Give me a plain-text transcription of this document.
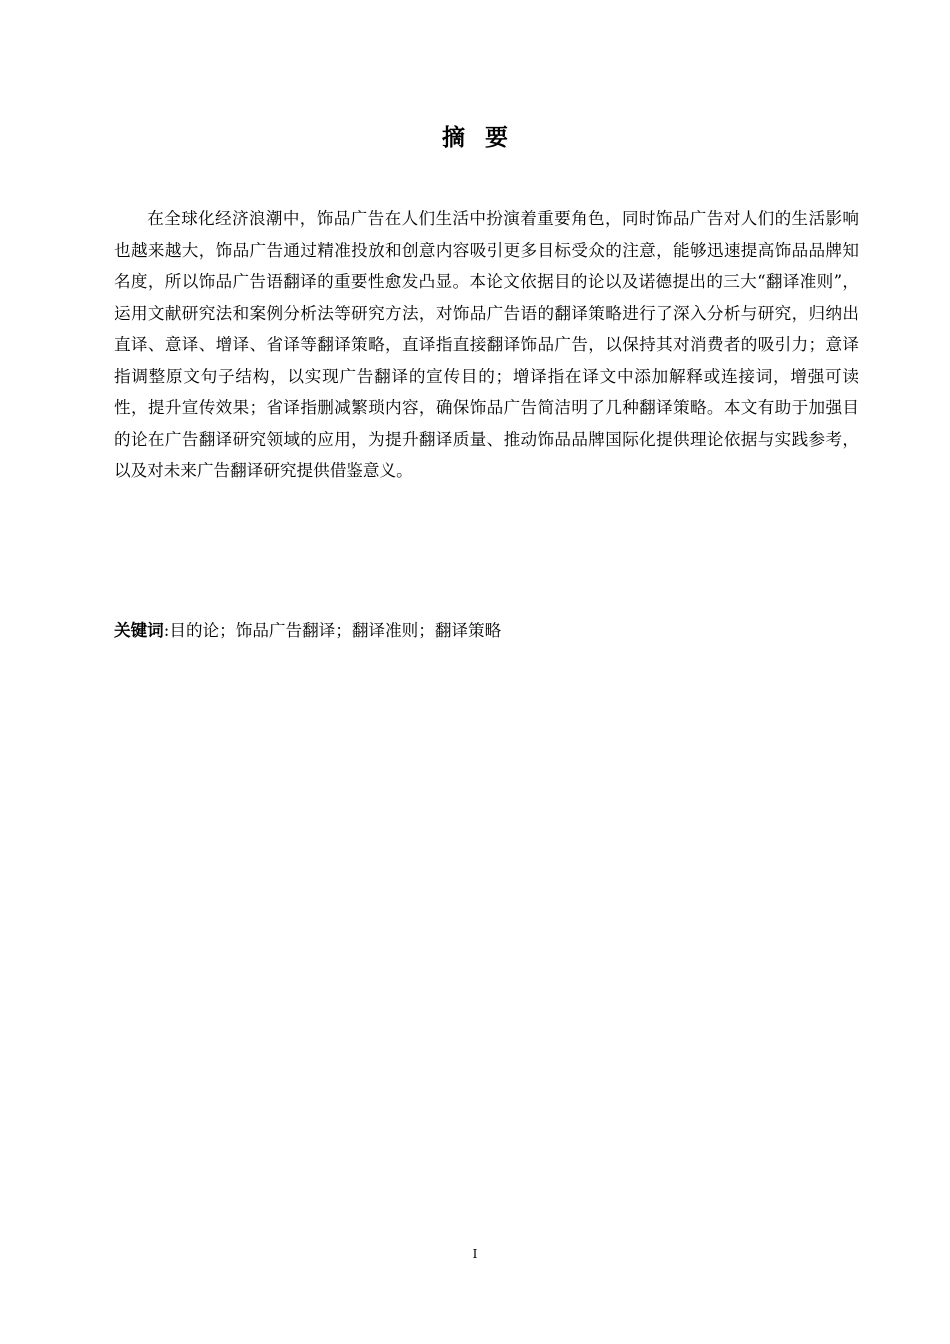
摘 要

在全球化经济浪潮中，饰品广告在人们生活中扮演着重要角色，同时饰品广告对人们的生活影响也越来越大，饰品广告通过精准投放和创意内容吸引更多目标受众的注意，能够迅速提高饰品品牌知名度，所以饰品广告语翻译的重要性愈发凸显。本论文依据目的论以及诺德提出的三大“翻译准则”，运用文献研究法和案例分析法等研究方法，对饰品广告语的翻译策略进行了深入分析与研究，归纳出直译、意译、增译、省译等翻译策略，直译指直接翻译饰品广告，以保持其对消费者的吸引力；意译指调整原文句子结构，以实现广告翻译的宣传目的；增译指在译文中添加解释或连接词，增强可读性，提升宣传效果；省译指删减繁琐内容，确保饰品广告简洁明了几种翻译策略。本文有助于加强目的论在广告翻译研究领域的应用，为提升翻译质量、推动饰品品牌国际化提供理论依据与实践参考，以及对未来广告翻译研究提供借鉴意义。

关键词:目的论；饰品广告翻译；翻译准则；翻译策略

I
